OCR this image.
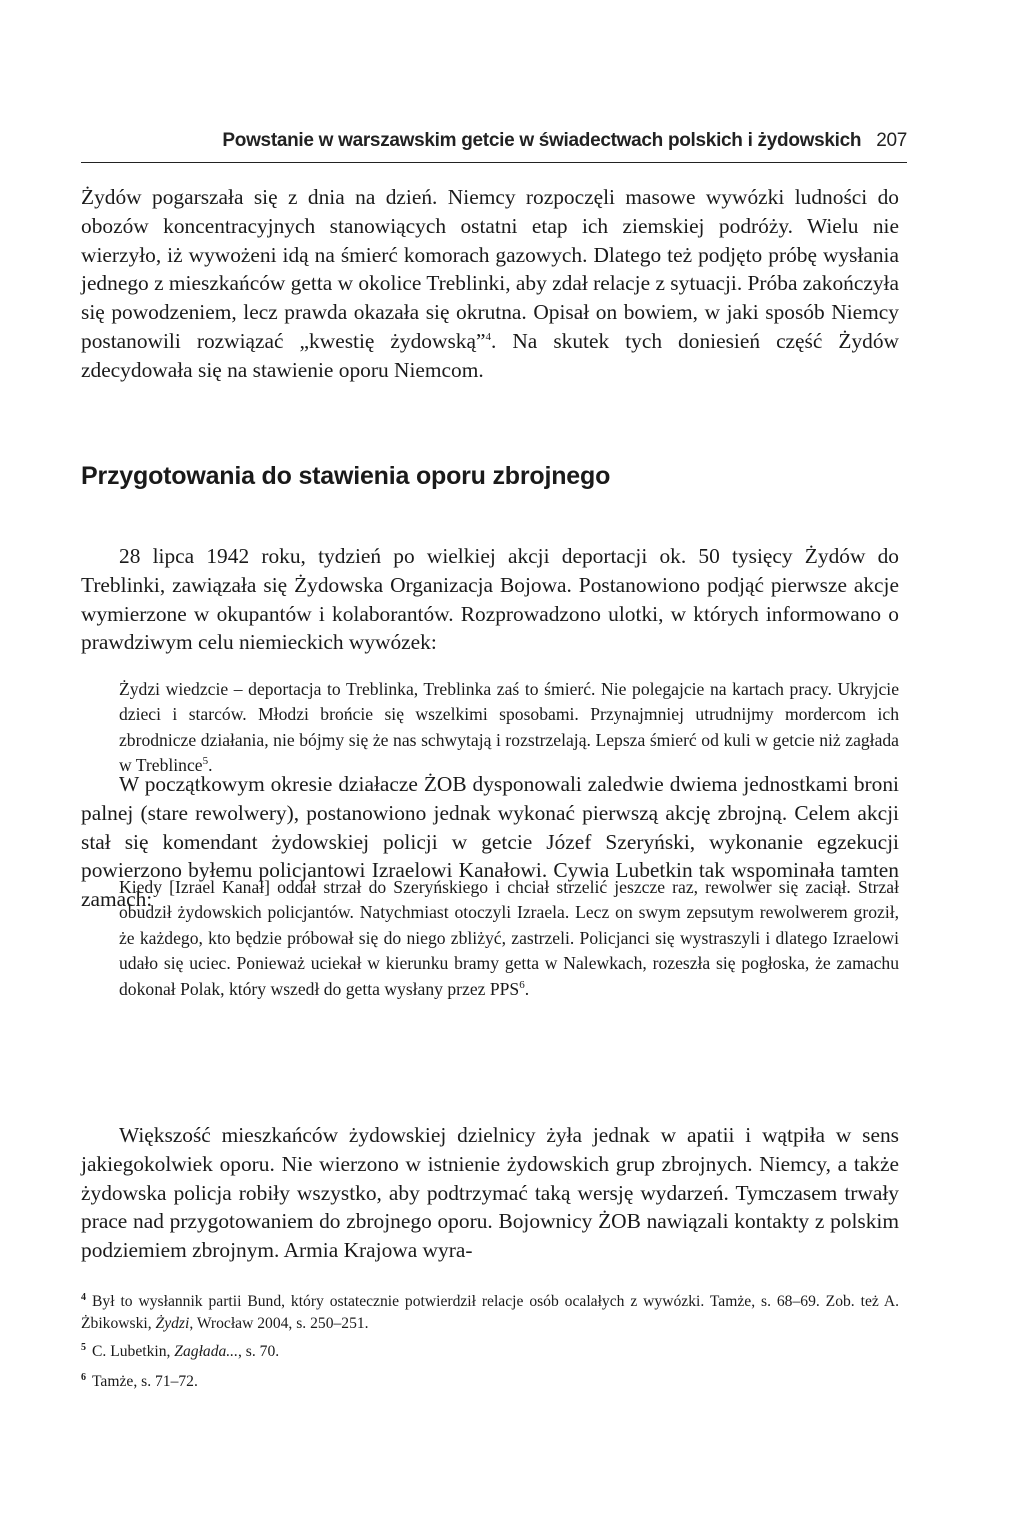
Powstanie w warszawskim getcie w świadectwach polskich i żydowskich 207

Żydów pogarszała się z dnia na dzień. Niemcy rozpoczęli masowe wywózki ludności do obozów koncentracyjnych stanowiących ostatni etap ich ziemskiej podróży. Wielu nie wierzyło, iż wywożeni idą na śmierć komorach gazowych. Dlatego też podjęto próbę wysłania jednego z mieszkańców getta w okolice Treblinki, aby zdał relacje z sytuacji. Próba zakończyła się powodzeniem, lecz prawda okazała się okrutna. Opisał on bowiem, w jaki sposób Niemcy postanowili rozwiązać „kwestię żydowską”$^4$. Na skutek tych doniesień część Żydów zdecydowała się na stawienie oporu Niemcom.

Przygotowania do stawienia oporu zbrojnego

28 lipca 1942 roku, tydzień po wielkiej akcji deportacji ok. 50 tysięcy Żydów do Treblinki, zawiązała się Żydowska Organizacja Bojowa. Postanowiono podjąć pierwsze akcje wymierzone w okupantów i kolaborantów. Rozprowadzono ulotki, w których informowano o prawdziwym celu niemieckich wywózek:

Żydzi wiedzcie – deportacja to Treblinka, Treblinka zaś to śmierć. Nie polegajcie na kartach pracy. Ukryjcie dzieci i starców. Młodzi brońcie się wszelkimi sposobami. Przynajmniej utrudnijmy mordercom ich zbrodnicze działania, nie bójmy się że nas schwytają i rozstrzelają. Lepsza śmierć od kuli w getcie niż zagłada w Treblince$^5$.

W początkowym okresie działacze ŻOB dysponowali zaledwie dwiema jednostkami broni palnej (stare rewolwery), postanowiono jednak wykonać pierwszą akcję zbrojną. Celem akcji stał się komendant żydowskiej policji w getcie Józef Szeryński, wykonanie egzekucji powierzono byłemu policjantowi Izraelowi Kanałowi. Cywia Lubetkin tak wspominała tamten zamach:

Kiedy [Izrael Kanał] oddał strzał do Szeryńskiego i chciał strzelić jeszcze raz, rewolwer się zaciął. Strzał obudził żydowskich policjantów. Natychmiast otoczyli Izraela. Lecz on swym zepsutym rewolwerem groził, że każdego, kto będzie próbował się do niego zbliżyć, zastrzeli. Policjanci się wystraszyli i dlatego Izraelowi udało się uciec. Ponieważ uciekał w kierunku bramy getta w Nalewkach, rozeszła się pogłoska, że zamachu dokonał Polak, który wszedł do getta wysłany przez PPS$^6$.

Większość mieszkańców żydowskiej dzielnicy żyła jednak w apatii i wątpiła w sens jakiegokolwiek oporu. Nie wierzono w istnienie żydowskich grup zbrojnych. Niemcy, a także żydowska policja robiły wszystko, aby podtrzymać taką wersję wydarzeń. Tymczasem trwały prace nad przygotowaniem do zbrojnego oporu. Bojownicy ŻOB nawiązali kontakty z polskim podziemiem zbrojnym. Armia Krajowa wyra-

$^4$ Był to wysłannik partii Bund, który ostatecznie potwierdził relacje osób ocalałych z wywózki. Tamże, s. 68–69. Zob. też A. Żbikowski, Żydzi, Wrocław 2004, s. 250–251.

$^5$ C. Lubetkin, Zagłada..., s. 70.

$^6$ Tamże, s. 71–72.
